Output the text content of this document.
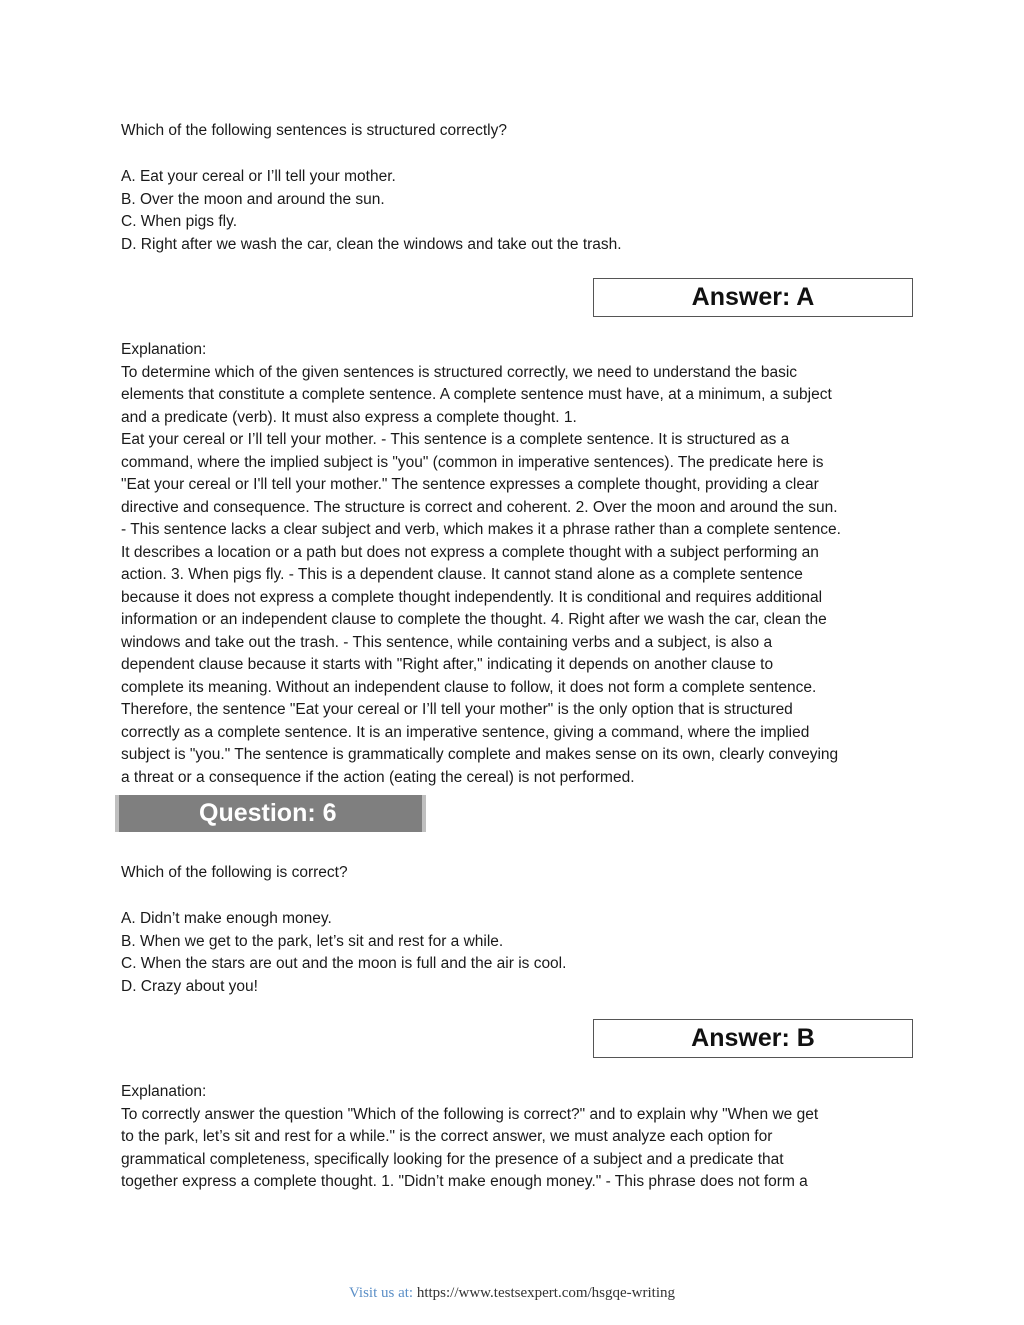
Which of the following sentences is structured correctly?
A. Eat your cereal or I’ll tell your mother.
B. Over the moon and around the sun.
C. When pigs fly.
D. Right after we wash the car, clean the windows and take out the trash.
Answer: A
Explanation:
To determine which of the given sentences is structured correctly, we need to understand the basic
elements that constitute a complete sentence. A complete sentence must have, at a minimum, a subject
and a predicate (verb). It must also express a complete thought. 1.
Eat your cereal or I’ll tell your mother. - This sentence is a complete sentence. It is structured as a
command, where the implied subject is "you" (common in imperative sentences). The predicate here is
"Eat your cereal or I'll tell your mother." The sentence expresses a complete thought, providing a clear
directive and consequence. The structure is correct and coherent. 2. Over the moon and around the sun.
- This sentence lacks a clear subject and verb, which makes it a phrase rather than a complete sentence.
It describes a location or a path but does not express a complete thought with a subject performing an
action. 3. When pigs fly. - This is a dependent clause. It cannot stand alone as a complete sentence
because it does not express a complete thought independently. It is conditional and requires additional
information or an independent clause to complete the thought. 4. Right after we wash the car, clean the
windows and take out the trash. - This sentence, while containing verbs and a subject, is also a
dependent clause because it starts with "Right after," indicating it depends on another clause to
complete its meaning. Without an independent clause to follow, it does not form a complete sentence.
Therefore, the sentence "Eat your cereal or I’ll tell your mother" is the only option that is structured
correctly as a complete sentence. It is an imperative sentence, giving a command, where the implied
subject is "you." The sentence is grammatically complete and makes sense on its own, clearly conveying
a threat or a consequence if the action (eating the cereal) is not performed.
Question: 6
Which of the following is correct?
A. Didn’t make enough money.
B. When we get to the park, let’s sit and rest for a while.
C. When the stars are out and the moon is full and the air is cool.
D. Crazy about you!
Answer: B
Explanation:
To correctly answer the question "Which of the following is correct?" and to explain why "When we get
to the park, let’s sit and rest for a while." is the correct answer, we must analyze each option for
grammatical completeness, specifically looking for the presence of a subject and a predicate that
together express a complete thought. 1. "Didn’t make enough money." - This phrase does not form a
Visit us at: https://www.testsexpert.com/hsgqe-writing
